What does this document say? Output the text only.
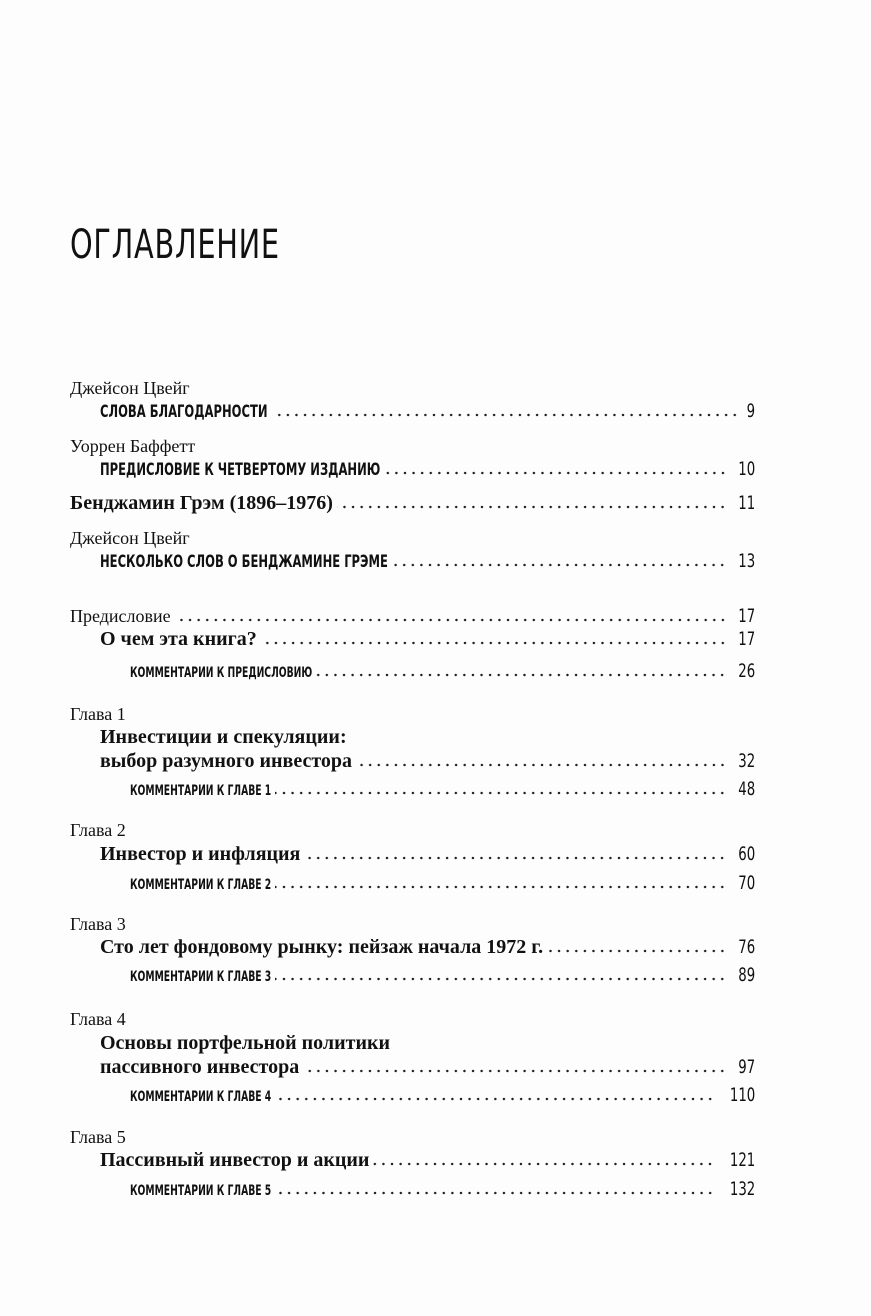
ОГЛАВЛЕНИЕ
Джейсон Цвейг
СЛОВА БЛАГОДАРНОСТИ	9
Уоррен Баффетт
ПРЕДИСЛОВИЕ К ЧЕТВЕРТОМУ ИЗДАНИЮ	10
Бенджамин Грэм (1896–1976)	11
Джейсон Цвейг
НЕСКОЛЬКО СЛОВ О БЕНДЖАМИНЕ ГРЭМЕ	13
Предисловие	17
О чем эта книга?	17
КОММЕНТАРИИ К ПРЕДИСЛОВИЮ	26
Глава 1
Инвестиции и спекуляции:
выбор разумного инвестора	32
КОММЕНТАРИИ К ГЛАВЕ 1	48
Глава 2
Инвестор и инфляция	60
КОММЕНТАРИИ К ГЛАВЕ 2	70
Глава 3
Сто лет фондовому рынку: пейзаж начала 1972 г.	76
КОММЕНТАРИИ К ГЛАВЕ 3	89
Глава 4
Основы портфельной политики
пассивного инвестора	97
КОММЕНТАРИИ К ГЛАВЕ 4	110
Глава 5
Пассивный инвестор и акции	121
КОММЕНТАРИИ К ГЛАВЕ 5	132
